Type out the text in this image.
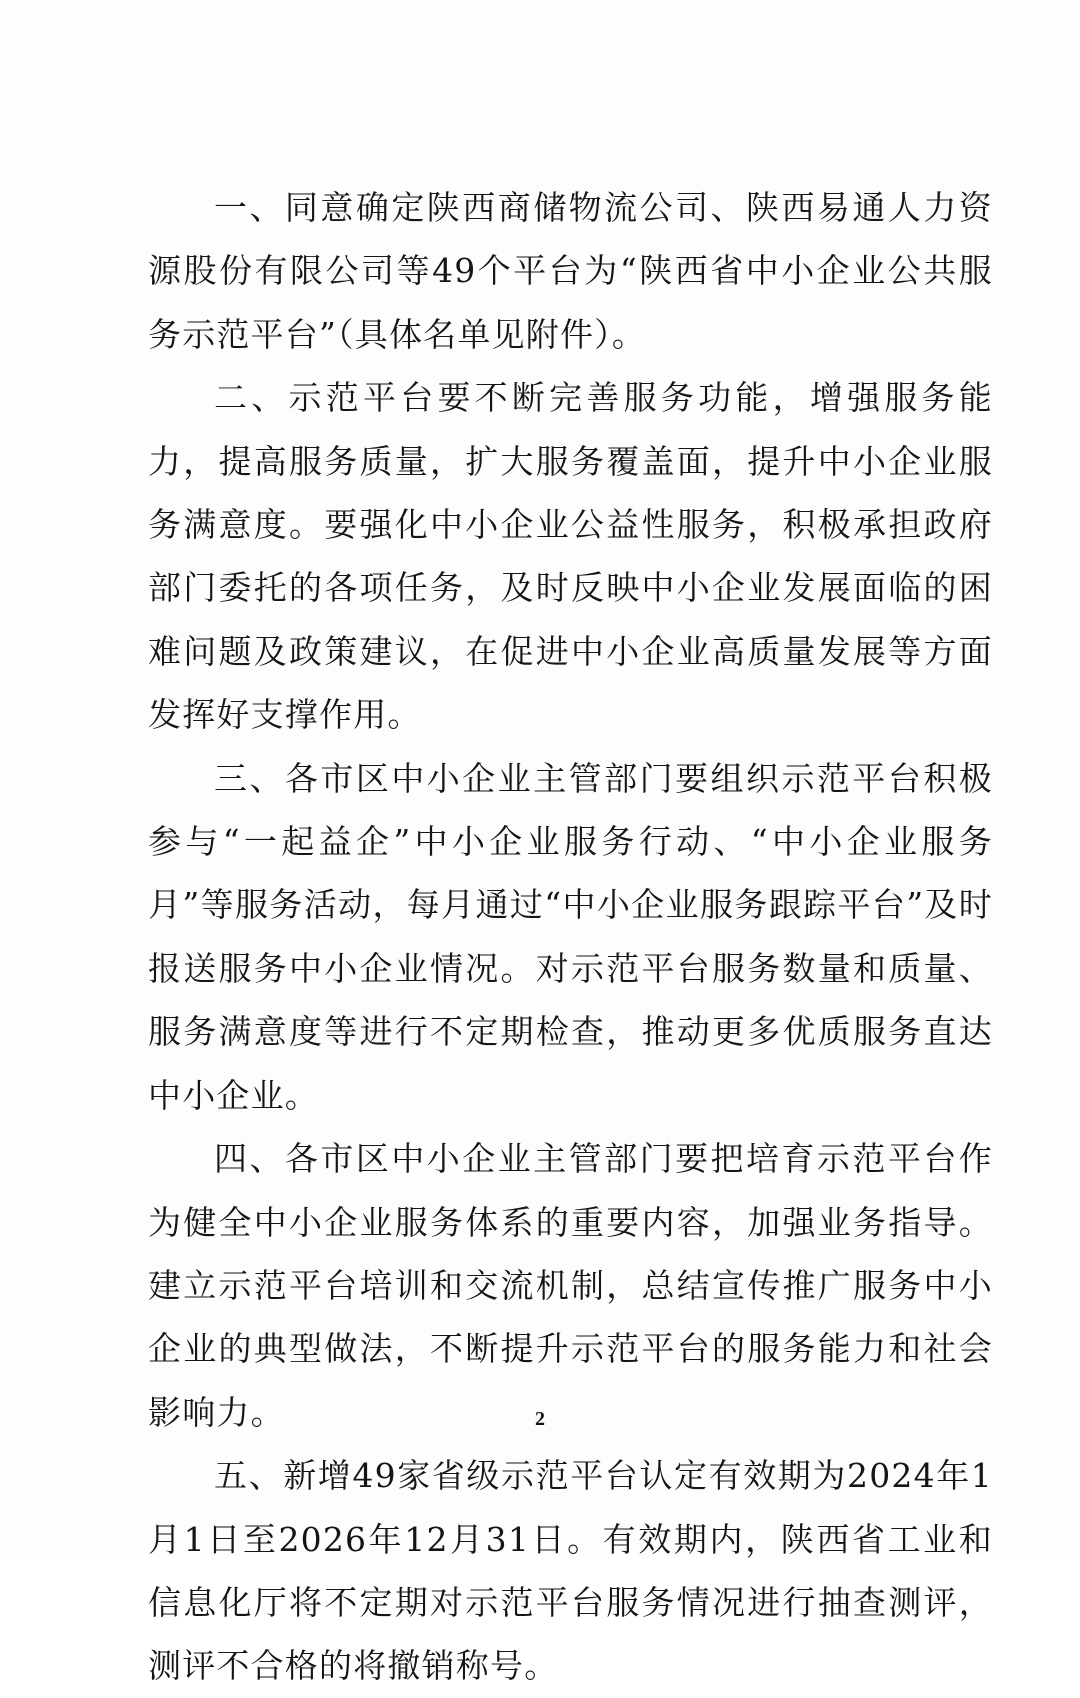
一、同意确定陕西商储物流公司、陕西易通人力资源股份有限公司等49个平台为“陕西省中小企业公共服务示范平台”（具体名单见附件）。

二、示范平台要不断完善服务功能，增强服务能力，提高服务质量，扩大服务覆盖面，提升中小企业服务满意度。要强化中小企业公益性服务，积极承担政府部门委托的各项任务，及时反映中小企业发展面临的困难问题及政策建议，在促进中小企业高质量发展等方面发挥好支撑作用。

三、各市区中小企业主管部门要组织示范平台积极参与“一起益企”中小企业服务行动、“中小企业服务月”等服务活动，每月通过“中小企业服务跟踪平台”及时报送服务中小企业情况。对示范平台服务数量和质量、服务满意度等进行不定期检查，推动更多优质服务直达中小企业。

四、各市区中小企业主管部门要把培育示范平台作为健全中小企业服务体系的重要内容，加强业务指导。建立示范平台培训和交流机制，总结宣传推广服务中小企业的典型做法，不断提升示范平台的服务能力和社会影响力。

五、新增49家省级示范平台认定有效期为2024年1月1日至2026年12月31日。有效期内，陕西省工业和信息化厅将不定期对示范平台服务情况进行抽查测评，测评不合格的将撤销称号。

2
